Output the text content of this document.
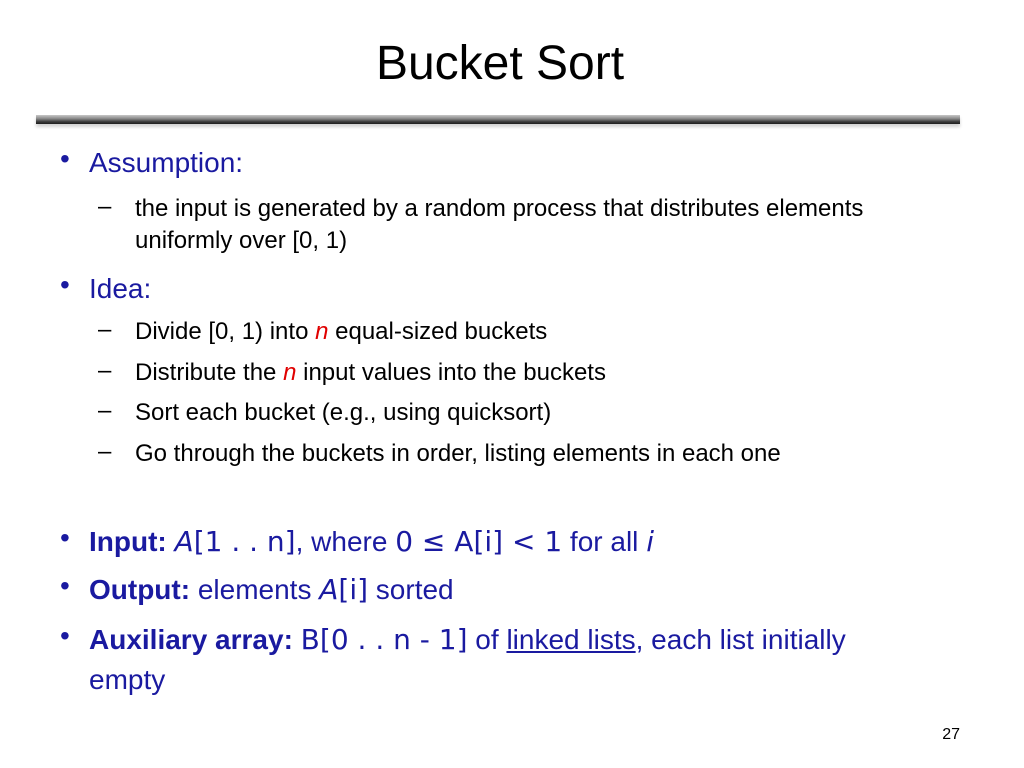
Bucket Sort
• Assumption:
– the input is generated by a random process that distributes elements uniformly over [0, 1)
• Idea:
– Divide [0, 1) into n equal-sized buckets
– Distribute the n input values into the buckets
– Sort each bucket (e.g., using quicksort)
– Go through the buckets in order, listing elements in each one
• Input: A[1 . . n], where 0 ≤ A[i] < 1 for all i
• Output: elements A[i] sorted
• Auxiliary array: B[0 . . n - 1] of linked lists, each list initially empty
27
